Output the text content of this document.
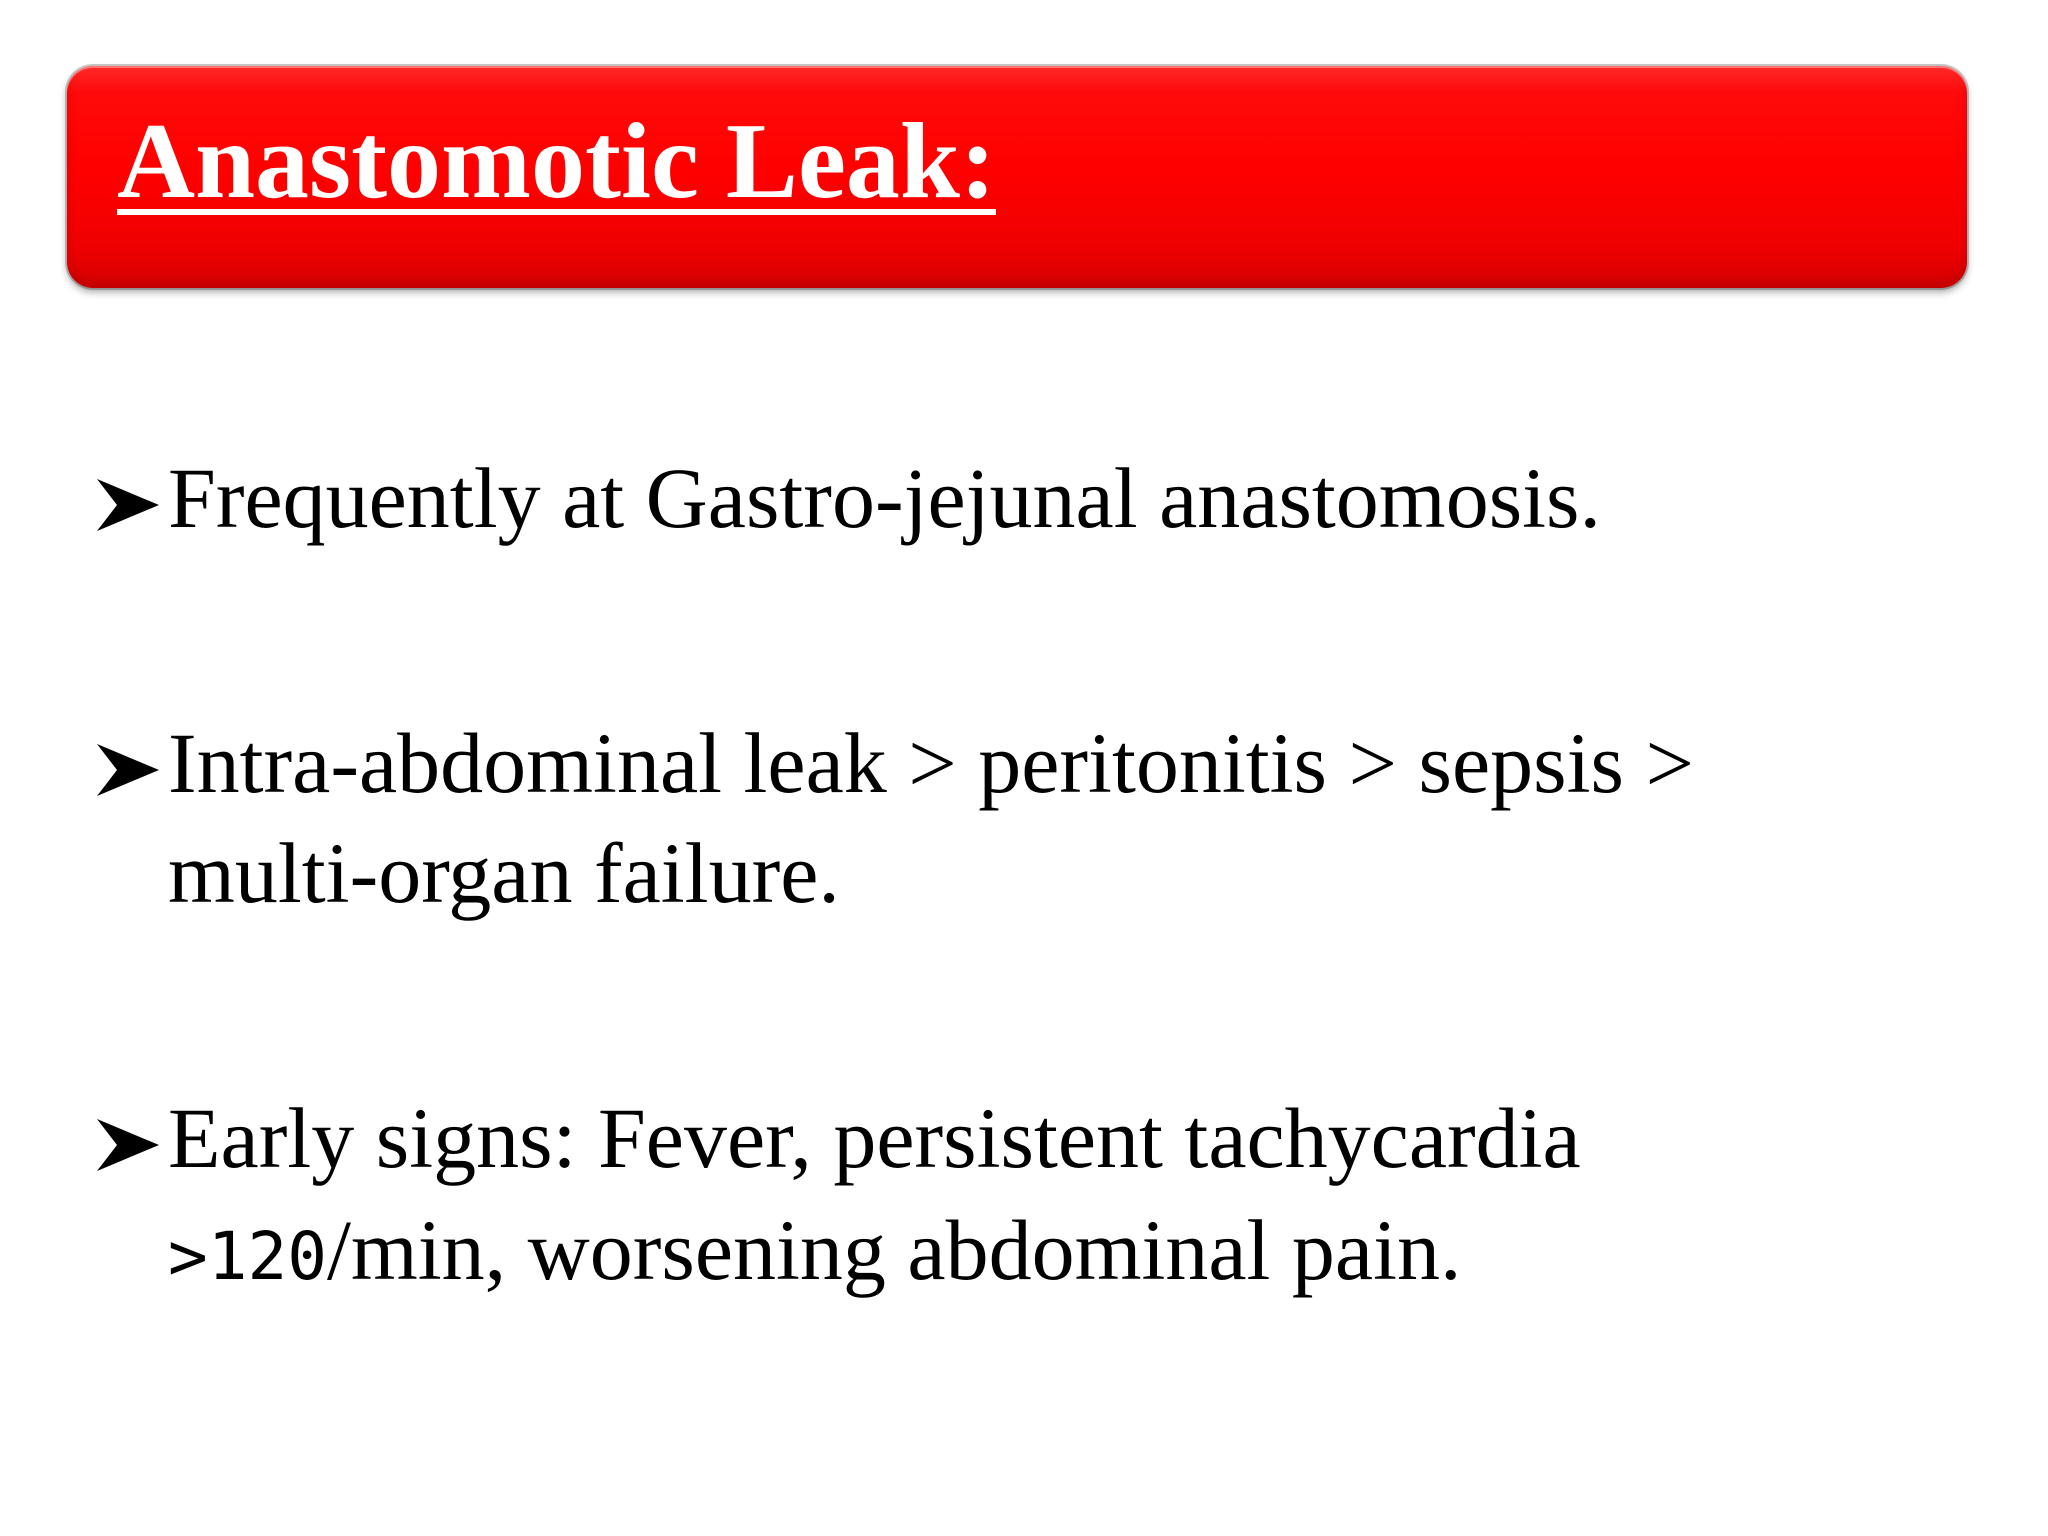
Anastomotic Leak:
Frequently at Gastro-jejunal anastomosis.
Intra-abdominal leak > peritonitis > sepsis >
multi-organ failure.
Early signs: Fever, persistent tachycardia
>120/min, worsening abdominal pain.
